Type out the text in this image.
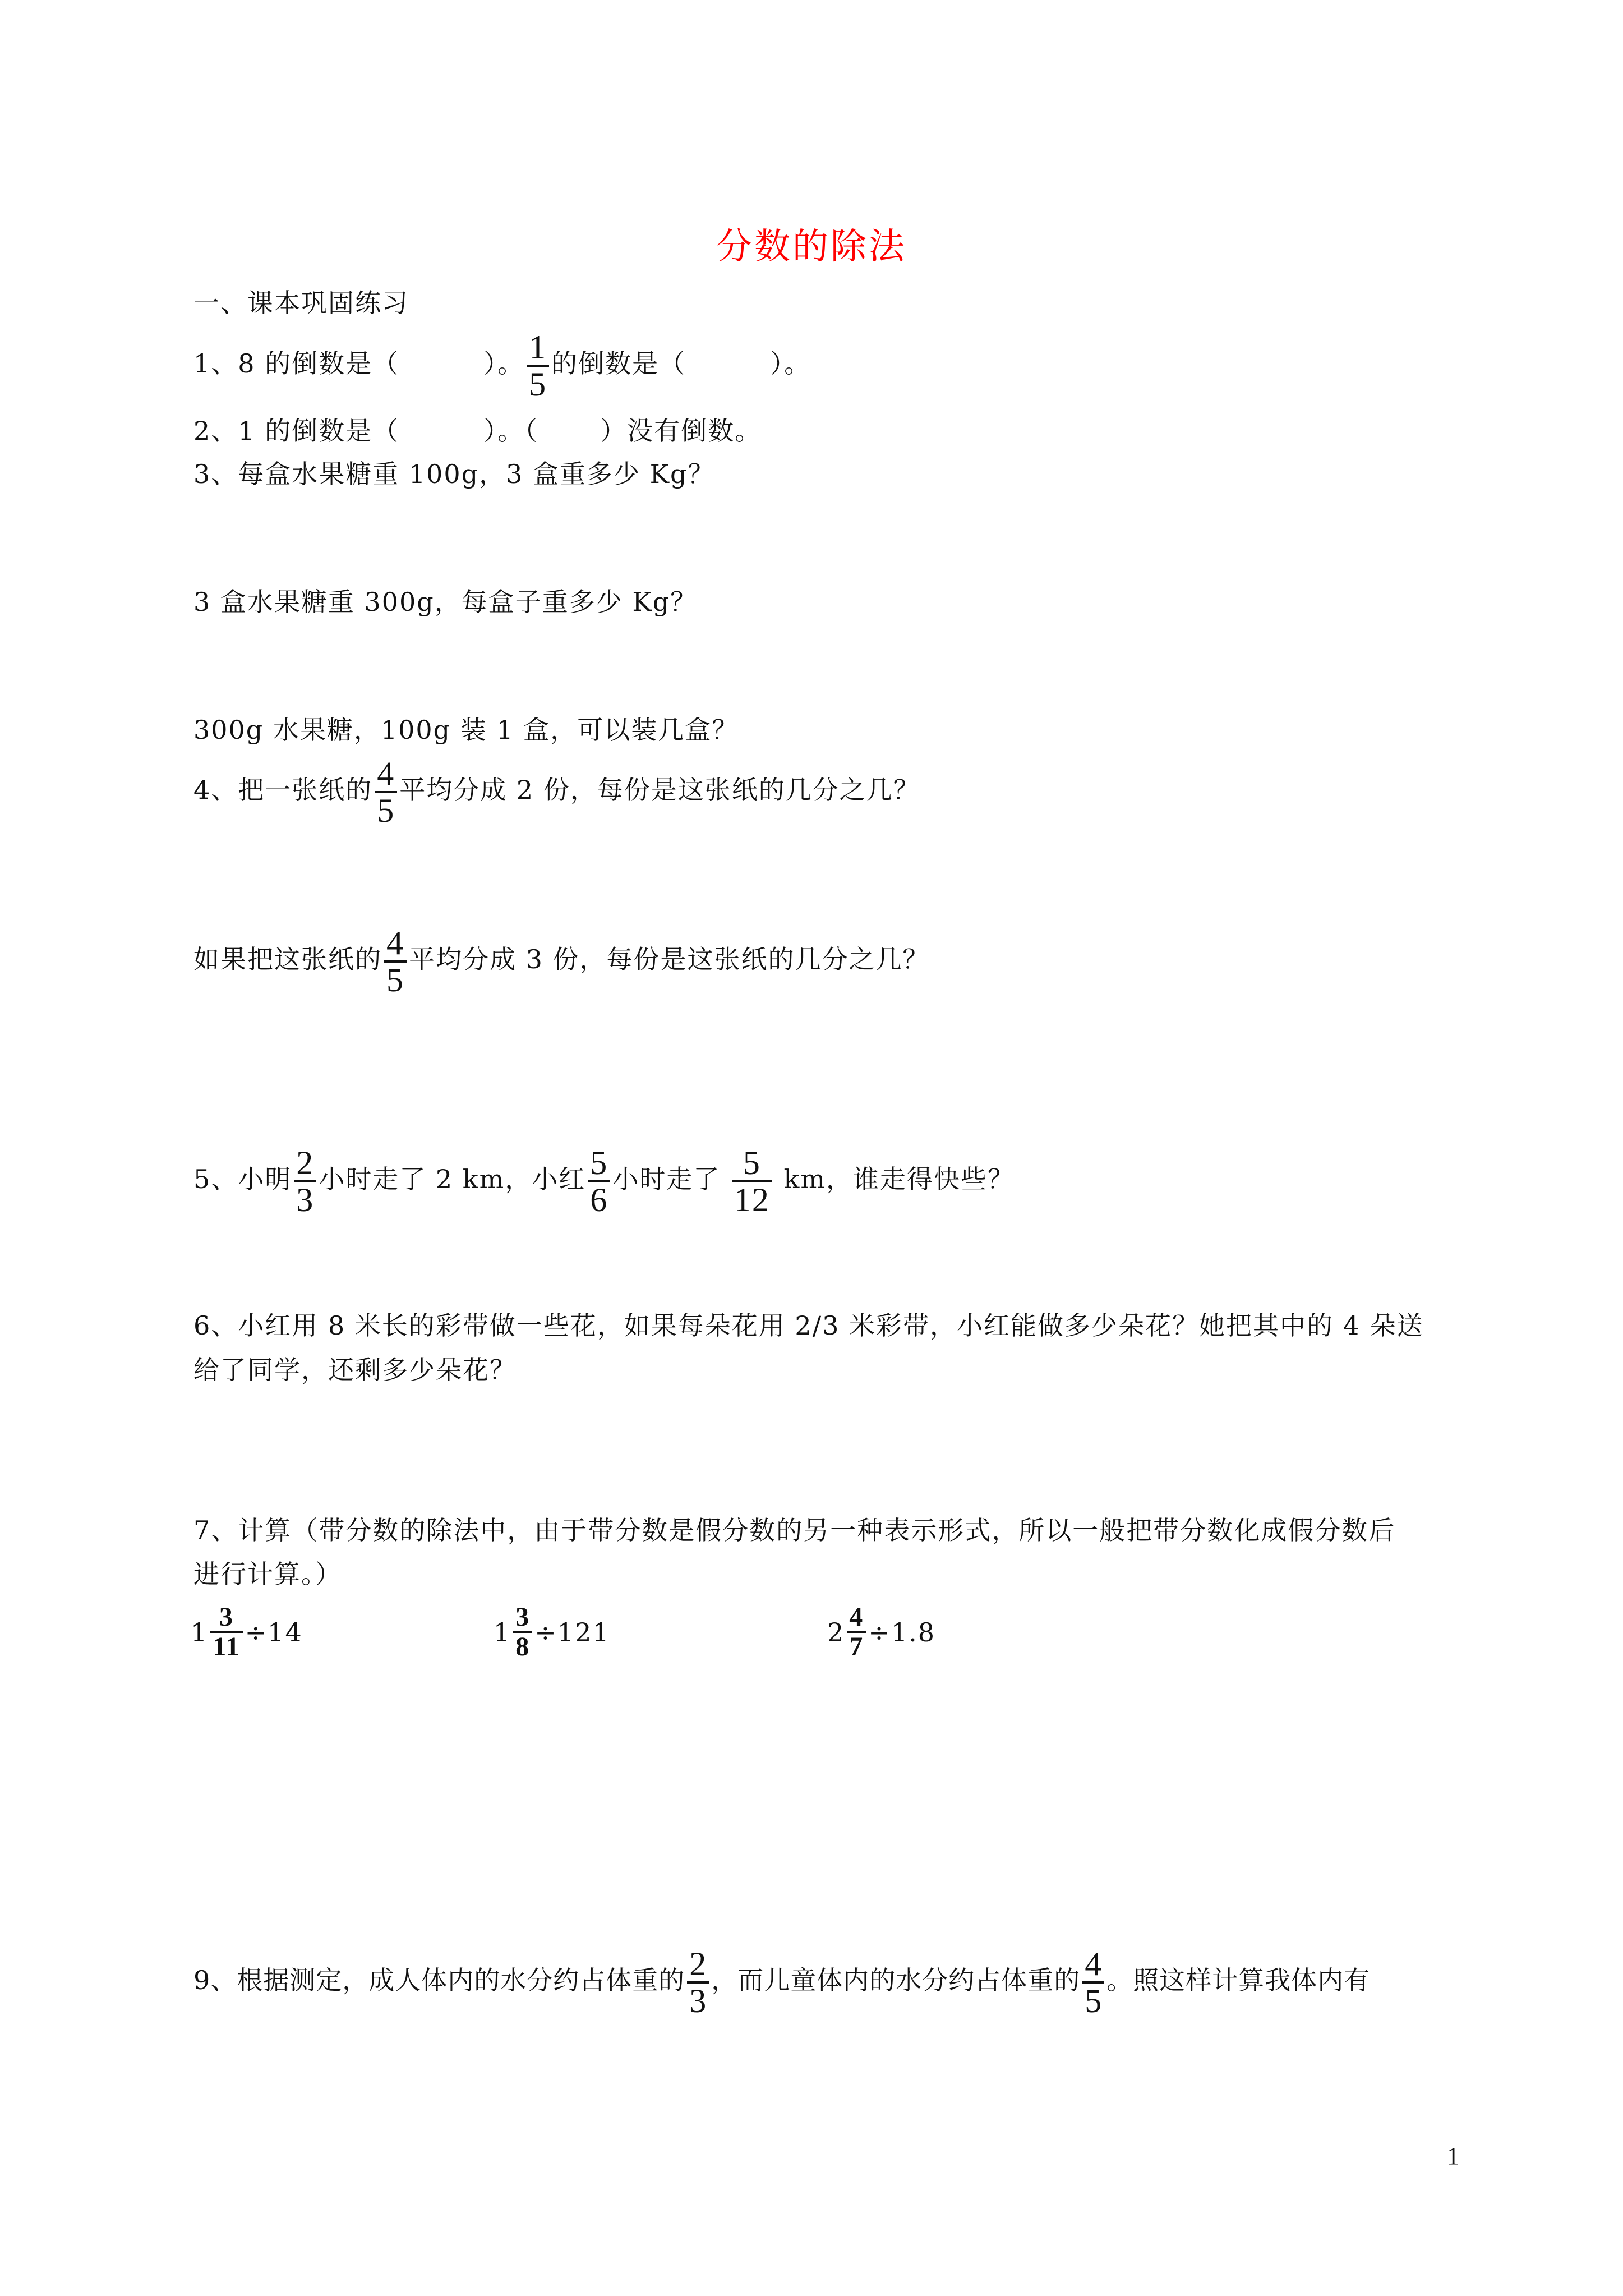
分数的除法
一、课本巩固练习
1、8 的倒数是（	）。 $\frac{1}{5}$ 的倒数是（	）。
2、1 的倒数是（	）。（ ）没有倒数。
3、每盒水果糖重 100g，3 盒重多少 Kg？
3 盒水果糖重 300g，每盒子重多少 Kg？
300g 水果糖，100g 装 1 盒，可以装几盒？
4、把一张纸的 $\frac{4}{5}$ 平均分成 2 份，每份是这张纸的几分之几？
如果把这张纸的 $\frac{4}{5}$ 平均分成 3 份，每份是这张纸的几分之几？
5、小明 $\frac{2}{3}$ 小时走了 2 km，小红 $\frac{5}{6}$ 小时走了 $\frac{5}{12}$ km，谁走得快些？
6、小红用 8 米长的彩带做一些花，如果每朵花用 2/3 米彩带，小红能做多少朵花？她把其中的 4 朵送
给了同学，还剩多少朵花？
7、计算（带分数的除法中，由于带分数是假分数的另一种表示形式，所以一般把带分数化成假分数后
进行计算。）
$1 \frac{3}{11} \div 14$	$1 \frac{3}{8} \div 121$	$2 \frac{4}{7} \div 1.8$
9、根据测定，成人体内的水分约占体重的 $\frac{2}{3}$ ，而儿童体内的水分约占体重的 $\frac{4}{5}$ 。照这样计算我体内有
1
